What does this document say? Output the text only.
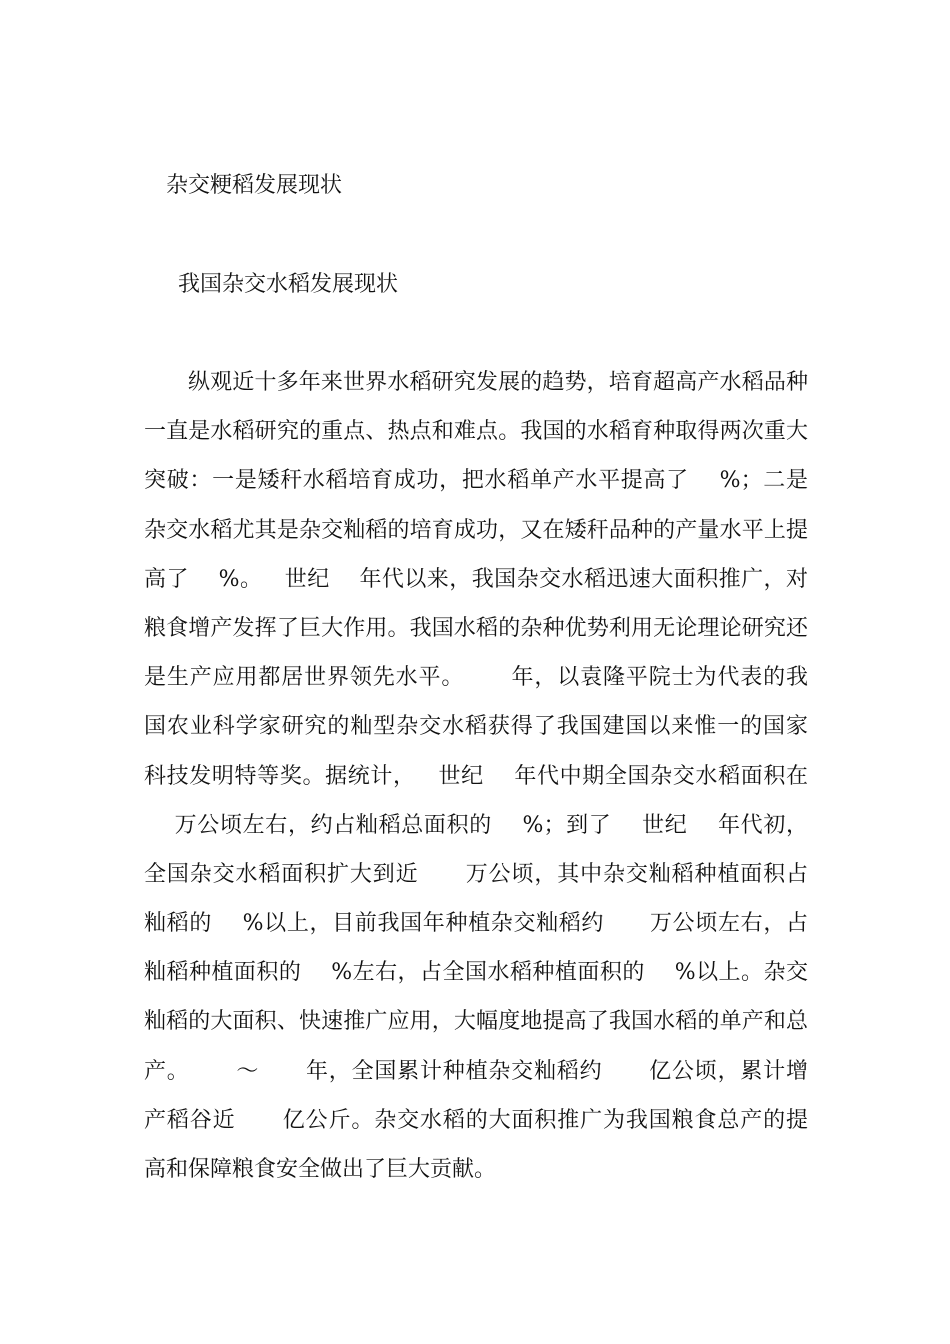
杂交粳稻发展现状
我国杂交水稻发展现状
纵观近十多年来世界水稻研究发展的趋势，培育超高产水稻品种
一直是水稻研究的重点、热点和难点。我国的水稻育种取得两次重大
突破：一是矮秆水稻培育成功，把水稻单产水平提高了    %；二是
杂交水稻尤其是杂交籼稻的培育成功，又在矮秆品种的产量水平上提
高了    %。   世纪    年代以来，我国杂交水稻迅速大面积推广，对
粮食增产发挥了巨大作用。我国水稻的杂种优势利用无论理论研究还
是生产应用都居世界领先水平。      年，以袁隆平院士为代表的我
国农业科学家研究的籼型杂交水稻获得了我国建国以来惟一的国家
科技发明特等奖。据统计，   世纪    年代中期全国杂交水稻面积在
万公顷左右，约占籼稻总面积的    %；到了    世纪    年代初，
全国杂交水稻面积扩大到近      万公顷，其中杂交籼稻种植面积占
籼稻的    %以上，目前我国年种植杂交籼稻约      万公顷左右，占
籼稻种植面积的    %左右，占全国水稻种植面积的    %以上。杂交
籼稻的大面积、快速推广应用，大幅度地提高了我国水稻的单产和总
产。      ～      年，全国累计种植杂交籼稻约      亿公顷，累计增
产稻谷近      亿公斤。杂交水稻的大面积推广为我国粮食总产的提
高和保障粮食安全做出了巨大贡献。
